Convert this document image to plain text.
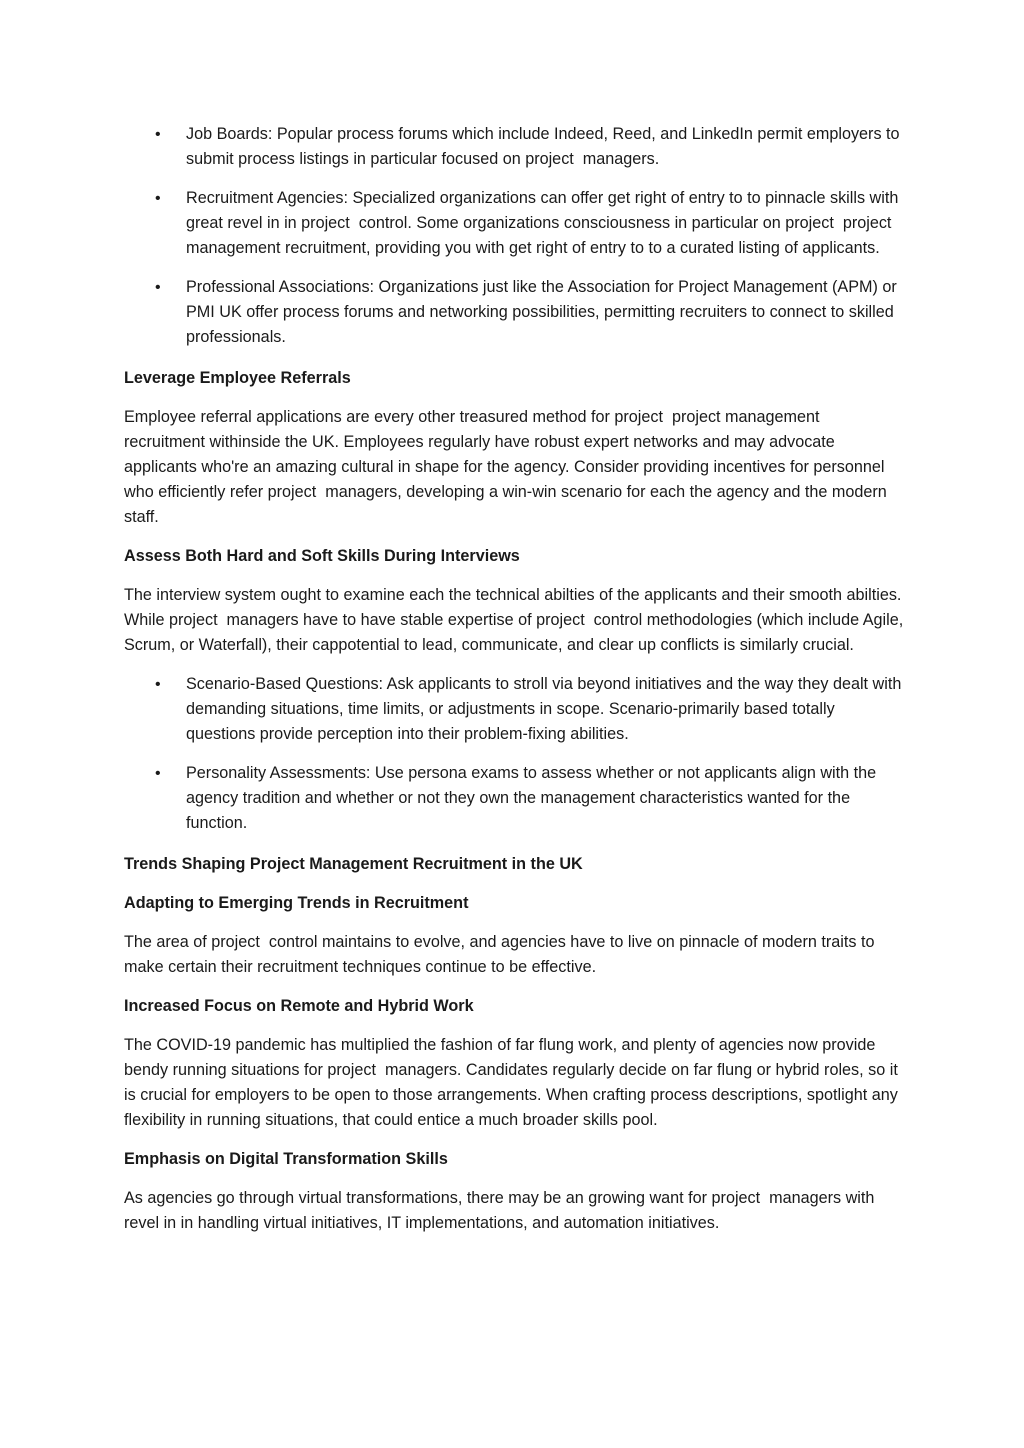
• Job Boards: Popular process forums which include Indeed, Reed, and LinkedIn permit employers to submit process listings in particular focused on project  managers.
• Recruitment Agencies: Specialized organizations can offer get right of entry to to pinnacle skills with great revel in in project  control. Some organizations consciousness in particular on project  project management recruitment, providing you with get right of entry to to a curated listing of applicants.
• Professional Associations: Organizations just like the Association for Project Management (APM) or PMI UK offer process forums and networking possibilities, permitting recruiters to connect to skilled professionals.
Leverage Employee Referrals

Employee referral applications are every other treasured method for project  project management recruitment withinside the UK. Employees regularly have robust expert networks and may advocate applicants who're an amazing cultural in shape for the agency. Consider providing incentives for personnel who efficiently refer project  managers, developing a win-win scenario for each the agency and the modern staff.

Assess Both Hard and Soft Skills During Interviews

The interview system ought to examine each the technical abilties of the applicants and their smooth abilties. While project  managers have to have stable expertise of project  control methodologies (which include Agile, Scrum, or Waterfall), their cappotential to lead, communicate, and clear up conflicts is similarly crucial.

• Scenario-Based Questions: Ask applicants to stroll via beyond initiatives and the way they dealt with demanding situations, time limits, or adjustments in scope. Scenario-primarily based totally questions provide perception into their problem-fixing abilities.
• Personality Assessments: Use persona exams to assess whether or not applicants align with the agency tradition and whether or not they own the management characteristics wanted for the function.
Trends Shaping Project Management Recruitment in the UK
Adapting to Emerging Trends in Recruitment

The area of project  control maintains to evolve, and agencies have to live on pinnacle of modern traits to make certain their recruitment techniques continue to be effective.

Increased Focus on Remote and Hybrid Work

The COVID-19 pandemic has multiplied the fashion of far flung work, and plenty of agencies now provide bendy running situations for project  managers. Candidates regularly decide on far flung or hybrid roles, so it is crucial for employers to be open to those arrangements. When crafting process descriptions, spotlight any flexibility in running situations, that could entice a much broader skills pool.

Emphasis on Digital Transformation Skills

As agencies go through virtual transformations, there may be an growing want for project  managers with revel in in handling virtual initiatives, IT implementations, and automation initiatives.
